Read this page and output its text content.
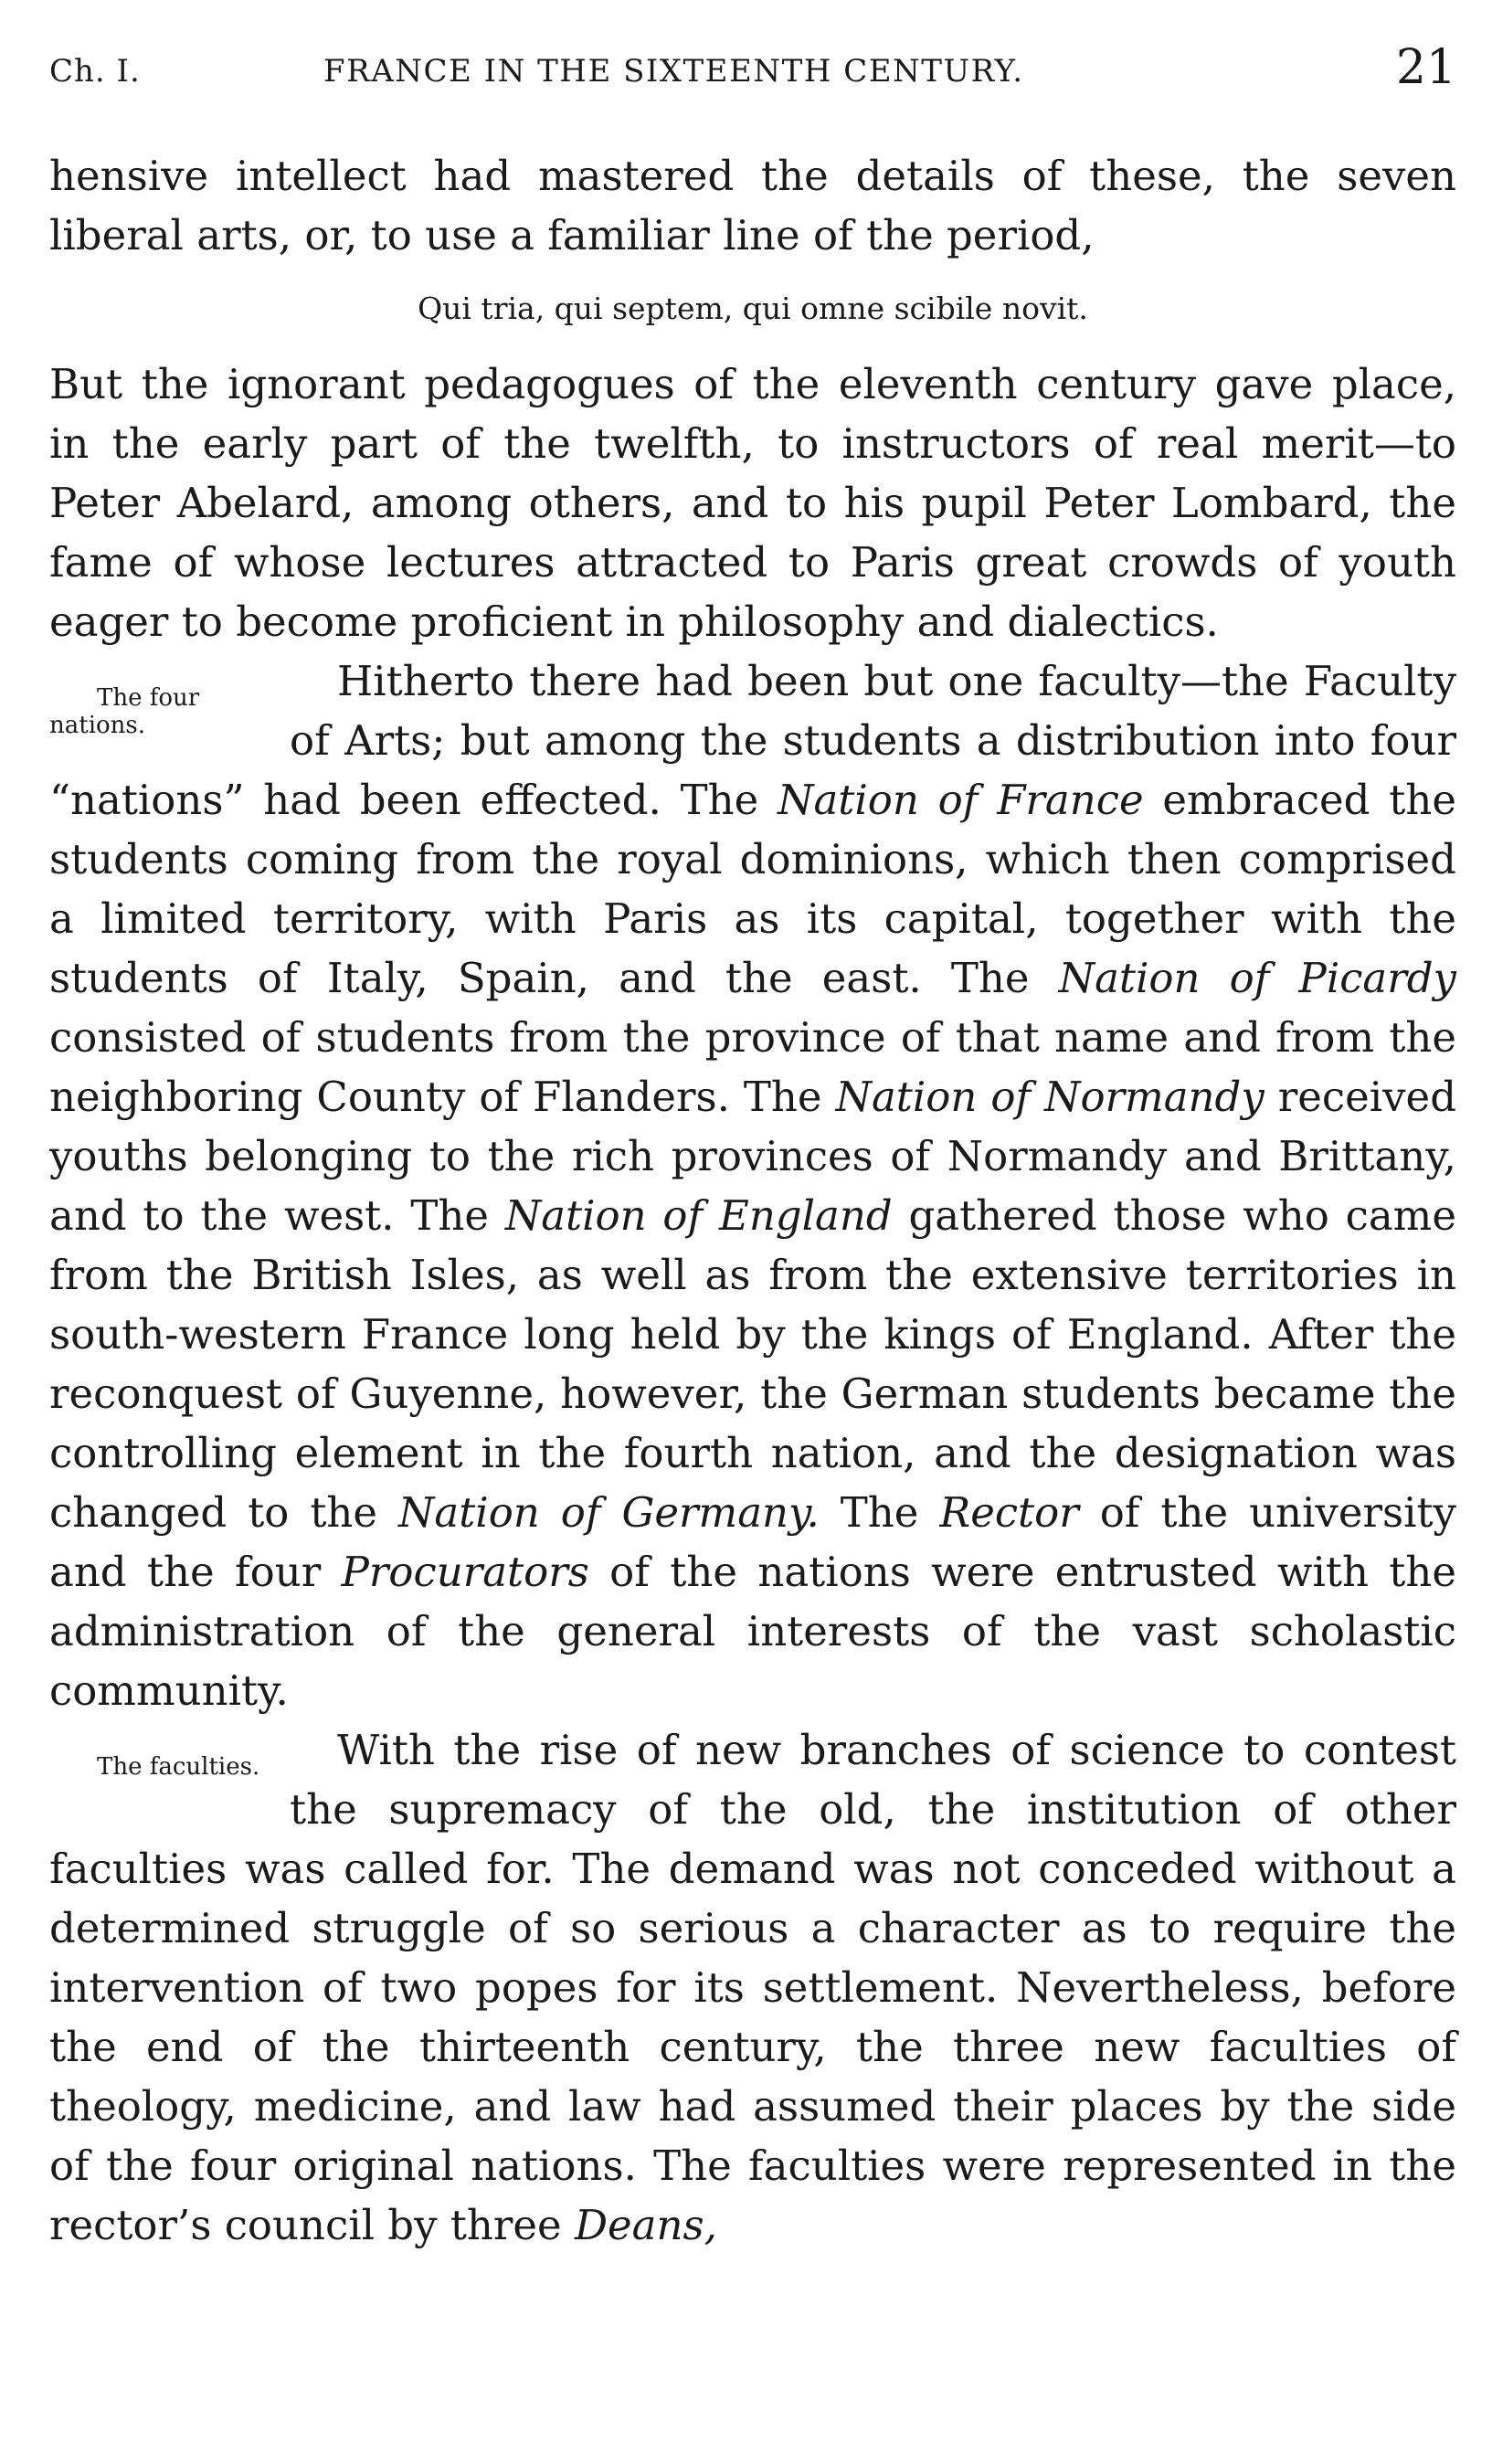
Ch. I.	FRANCE IN THE SIXTEENTH CENTURY.	21

hensive intellect had mastered the details of these, the seven liberal arts, or, to use a familiar line of the period,

Qui tria, qui septem, qui omne scibile novit.

But the ignorant pedagogues of the eleventh century gave place, in the early part of the twelfth, to instructors of real merit—to Peter Abelard, among others, and to his pupil Peter Lombard, the fame of whose lectures attracted to Paris great crowds of youth eager to become proficient in philosophy and dialectics.

The four nations.
Hitherto there had been but one faculty—the Faculty of Arts; but among the students a distribution into four “nations” had been effected. The Nation of France embraced the students coming from the royal dominions, which then comprised a limited territory, with Paris as its capital, together with the students of Italy, Spain, and the east. The Nation of Picardy consisted of students from the province of that name and from the neighboring County of Flanders. The Nation of Normandy received youths belonging to the rich provinces of Normandy and Brittany, and to the west. The Nation of England gathered those who came from the British Isles, as well as from the extensive territories in south-western France long held by the kings of England. After the reconquest of Guyenne, however, the German students became the controlling element in the fourth nation, and the designation was changed to the Nation of Germany. The Rector of the university and the four Procurators of the nations were entrusted with the administration of the general interests of the vast scholastic community.

The faculties. With the rise of new branches of science to contest the supremacy of the old, the institution of other faculties was called for. The demand was not conceded without a determined struggle of so serious a character as to require the intervention of two popes for its settlement. Nevertheless, before the end of the thirteenth century, the three new faculties of theology, medicine, and law had assumed their places by the side of the four original nations. The faculties were represented in the rector’s council by three Deans,
